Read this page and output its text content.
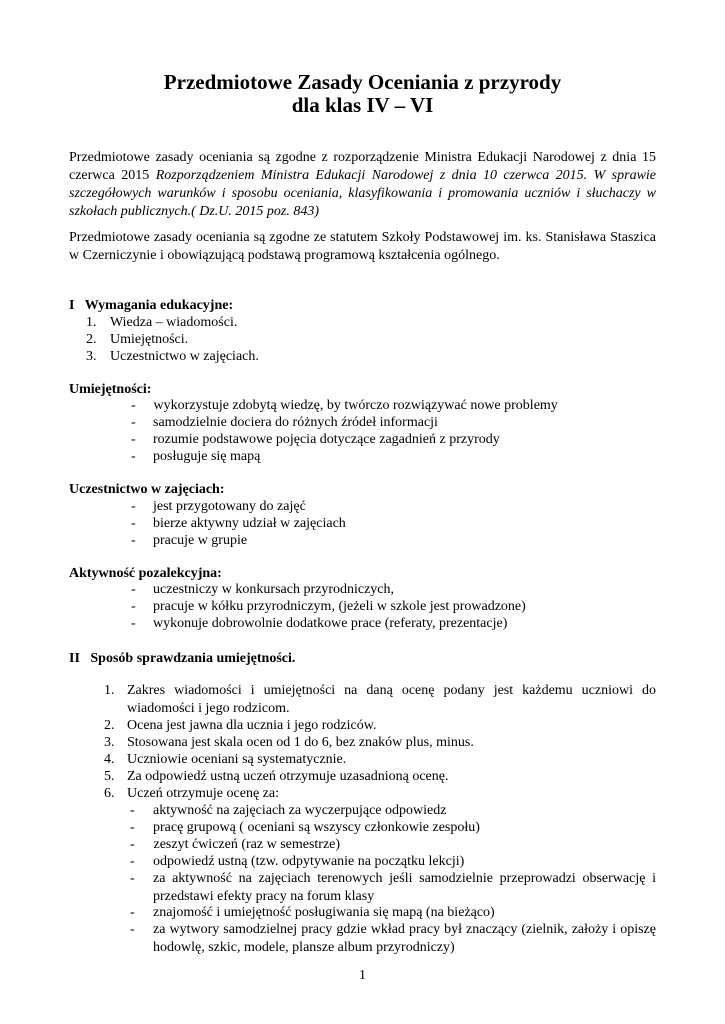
Przedmiotowe Zasady Oceniania z przyrody
dla klas IV – VI

Przedmiotowe zasady oceniania są zgodne z rozporządzenie Ministra Edukacji Narodowej z dnia 15 czerwca 2015 Rozporządzeniem Ministra Edukacji Narodowej z dnia 10 czerwca 2015. W sprawie szczegółowych warunków i sposobu oceniania, klasyfikowania i promowania uczniów i słuchaczy w szkołach publicznych.( Dz.U. 2015 poz. 843)

Przedmiotowe zasady oceniania są zgodne ze statutem Szkoły Podstawowej im. ks. Stanisława Staszica w Czerniczynie i obowiązującą podstawą programową kształcenia ogólnego.

I   Wymagania edukacyjne:
1. Wiedza – wiadomości.
2. Umiejętności.
3. Uczestnictwo w zajęciach.
Umiejętności:
- wykorzystuje zdobytą wiedzę, by twórczo rozwiązywać nowe problemy
- samodzielnie dociera do różnych źródeł informacji
- rozumie podstawowe pojęcia dotyczące zagadnień z przyrody
- posługuje się mapą
Uczestnictwo w zajęciach:
- jest przygotowany do zajęć
- bierze aktywny udział w zajęciach
- pracuje w grupie
Aktywność pozalekcyjna:
- uczestniczy w konkursach przyrodniczych,
- pracuje w kółku przyrodniczym, (jeżeli w szkole jest prowadzone)
- wykonuje dobrowolnie dodatkowe prace (referaty, prezentacje)
II   Sposób sprawdzania umiejętności.
1. Zakres wiadomości i umiejętności na daną ocenę podany jest każdemu uczniowi do wiadomości i jego rodzicom.
2. Ocena jest jawna dla ucznia i jego rodziców.
3. Stosowana jest skala ocen od 1 do 6, bez znaków plus, minus.
4. Uczniowie oceniani są systematycznie.
5. Za odpowiedź ustną uczeń otrzymuje uzasadnioną ocenę.
6. Uczeń otrzymuje ocenę za:
- aktywność na zajęciach za wyczerpujące odpowiedz
- pracę grupową ( oceniani są wszyscy członkowie zespołu)
- zeszyt ćwiczeń (raz w semestrze)
- odpowiedź ustną (tzw. odpytywanie na początku lekcji)
- za aktywność na zajęciach terenowych jeśli samodzielnie przeprowadzi obserwację i przedstawi efekty pracy na forum klasy
- znajomość i umiejętność posługiwania się mapą (na bieżąco)
- za wytwory samodzielnej pracy gdzie wkład pracy był znaczący (zielnik, założy i opiszę hodowlę, szkic, modele, plansze album przyrodniczy)
1
